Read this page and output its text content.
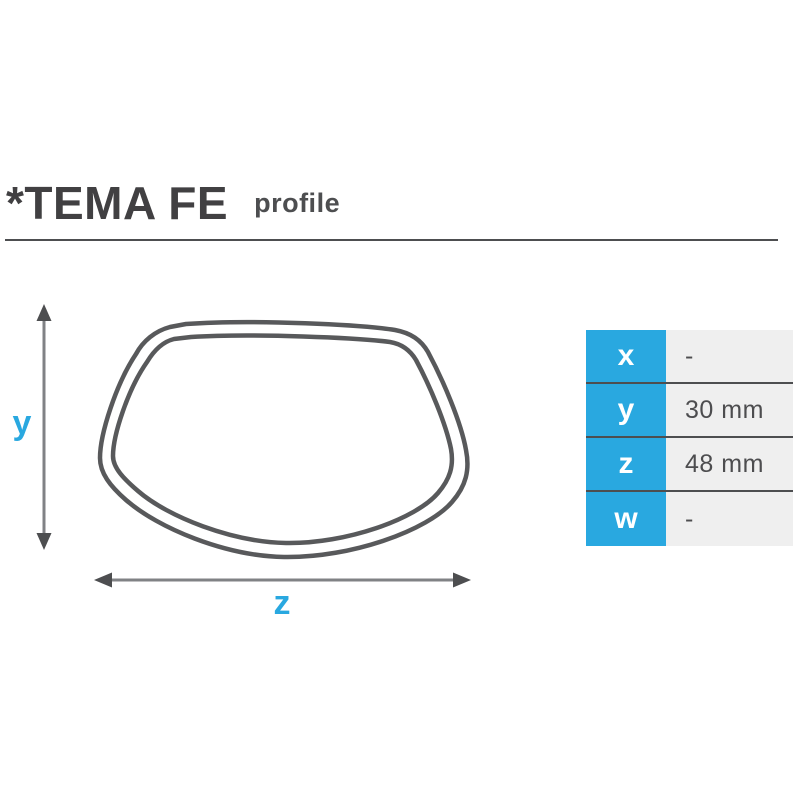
*TEMA FE profile
y
z
x	-
y	30 mm
z	48 mm
w	-
